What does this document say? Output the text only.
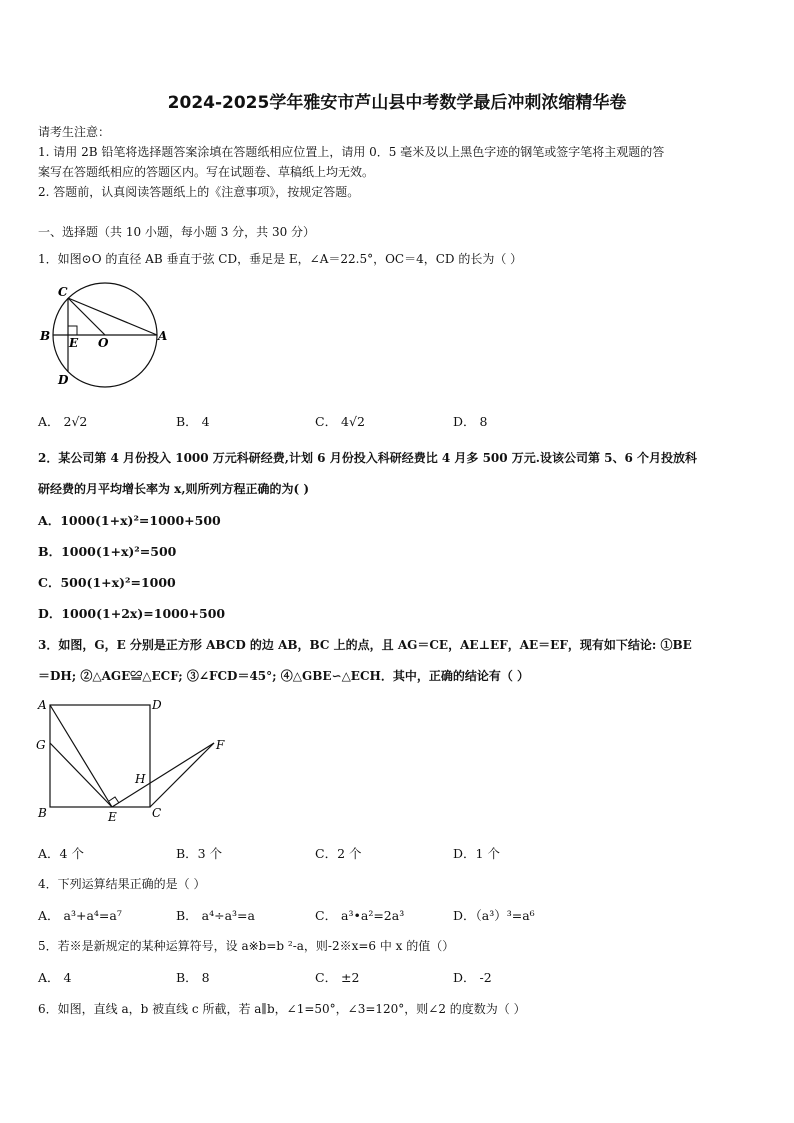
2024-2025学年雅安市芦山县中考数学最后冲刺浓缩精华卷
请考生注意：
1. 请用 2B 铅笔将选择题答案涂填在答题纸相应位置上，请用 0．5 毫米及以上黑色字迹的钢笔或签字笔将主观题的答
案写在答题纸相应的答题区内。写在试题卷、草稿纸上均无效。
2. 答题前，认真阅读答题纸上的《注意事项》，按规定答题。
一、选择题（共 10 小题，每小题 3 分，共 30 分）
1．如图⊙O 的直径 AB 垂直于弦 CD，垂足是 E，∠A＝22.5°，OC＝4，CD 的长为（ ）
C
B E O	A
D
A． 2√2	B． 4	C． 4√2	D． 8
2．某公司第 4 月份投入 1000 万元科研经费,计划 6 月份投入科研经费比 4 月多 500 万元.设该公司第 5、6 个月投放科
研经费的月平均增长率为 x,则所列方程正确的为( )
A．1000(1+x)²=1000+500
B．1000(1+x)²=500
C．500(1+x)²=1000
D．1000(1+2x)=1000+500
3．如图，G，E 分别是正方形 ABCD 的边 AB，BC 上的点，且 AG＝CE，AE⊥EF，AE＝EF，现有如下结论: ①BE
＝DH; ②△AGE≌△ECF; ③∠FCD＝45°; ④△GBE∽△ECH．其中，正确的结论有（ ）
A	D
G	F
H
B	E	C
A．4 个	B．3 个	C．2 个	D．1 个
4．下列运算结果正确的是（ ）
A． a³+a⁴=a⁷	B． a⁴÷a³=a	C． a³•a²=2a³	D．（a³）³=a⁶
5．若※是新规定的某种运算符号，设 a※b=b ²-a，则-2※x=6 中 x 的值（）
A． 4	B． 8	C． ±2	D． -2
6．如图，直线 a，b 被直线 c 所截，若 a∥b，∠1=50°，∠3=120°，则∠2 的度数为（ ）
